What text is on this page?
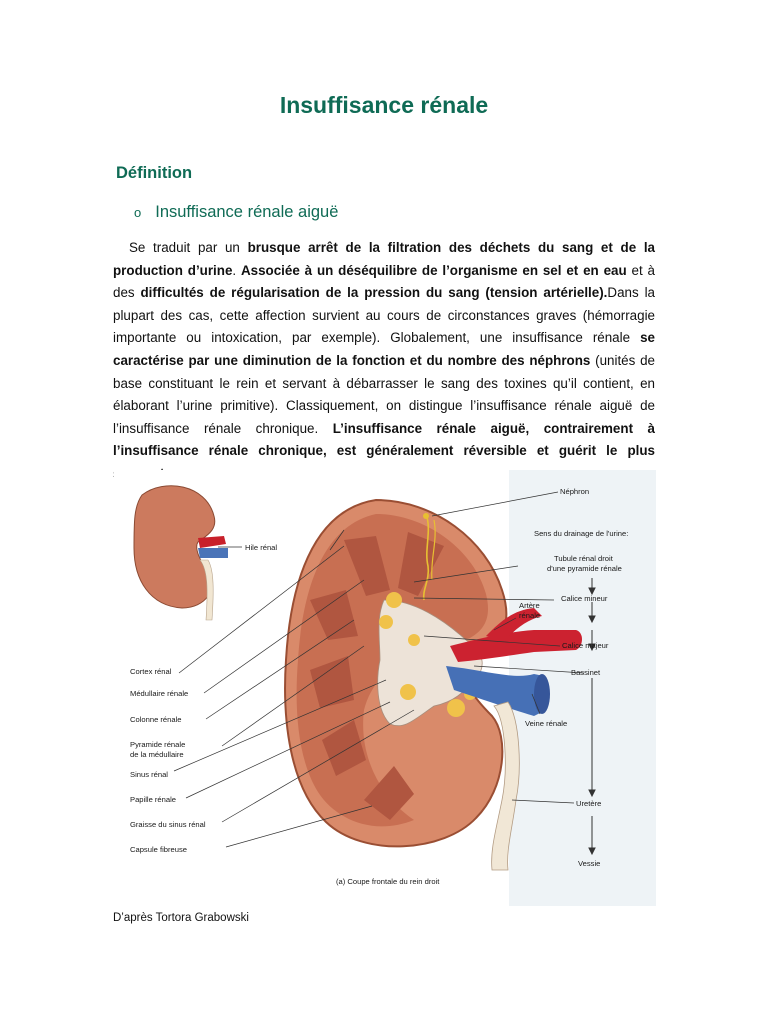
Insuffisance rénale
Définition
o Insuffisance rénale aiguë
Se traduit par un brusque arrêt de la filtration des déchets du sang et de la production d’urine. Associée à un déséquilibre de l’organisme en sel et en eau et à des difficultés de régularisation de la pression du sang (tension artérielle).Dans la plupart des cas, cette affection survient au cours de circonstances graves (hémorragie importante ou intoxication, par exemple). Globalement, une insuffisance rénale se caractérise par une diminution de la fonction et du nombre des néphrons (unités de base constituant le rein et servant à débarrasser le sang des toxines qu’il contient, en élaborant l’urine primitive). Classiquement, on distingue l’insuffisance rénale aiguë de l’insuffisance rénale chronique. L’insuffisance rénale aiguë, contrairement à l’insuffisance rénale chronique, est généralement réversible et guérit le plus
Hile rénal
Néphron
Sens du drainage de l'urine:
Tubule rénal droit
d'une pyramide rénale
Calice mineur
Artère
rénale
Calice majeur
Bassinet
Veine rénale
Uretère
Vessie
Cortex rénal
Médullaire rénale
Colonne rénale
Pyramide rénale
de la médullaire
Sinus rénal
Papille rénale
Graisse du sinus rénal
Capsule fibreuse
(a) Coupe frontale du rein droit
D’après Tortora Grabowski
